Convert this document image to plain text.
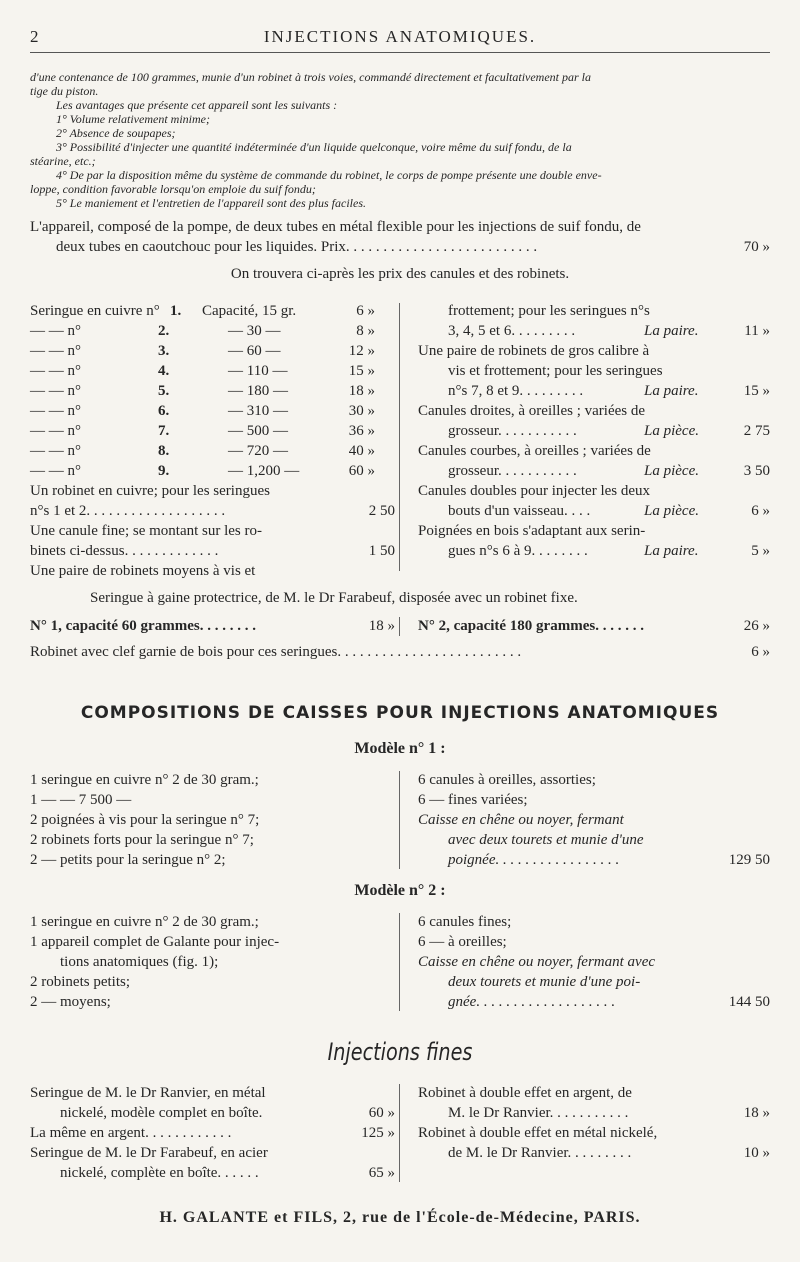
2	INJECTIONS ANATOMIQUES.

d'une contenance de 100 grammes, munie d'un robinet à trois voies, commandé directement et facultativement par la

tige du piston.

Les avantages que présente cet appareil sont les suivants :

1° Volume relativement minime;

2° Absence de soupapes;

3° Possibilité d'injecter une quantité indéterminée d'un liquide quelconque, voire même du suif fondu, de la

stéarine, etc.;

4° De par la disposition même du système de commande du robinet, le corps de pompe présente une double enve-

loppe, condition favorable lorsqu'on emploie du suif fondu;

5° Le maniement et l'entretien de l'appareil sont des plus faciles.

L'appareil, composé de la pompe, de deux tubes en métal flexible pour les injections de suif fondu, de

deux tubes en caoutchouc pour les liquides. Prix. . . . . . . . . . . . . . . . . . . . . . . . . .	70 »

On trouvera ci-après les prix des canules et des robinets.
Seringue en cuivre n° 1. Capacité, 15 gr.	6 »
— — n°	2.	— 30 —	8 »
— — n°	3.	— 60 —	12 »
— — n°	4.	— 110 —	15 »
— — n°	5.	— 180 —	18 »
— — n°	6.	— 310 —	30 »
— — n°	7.	— 500 —	36 »
— — n°	8.	— 720 —	40 »
— — n°	9.	— 1,200 —	60 »
Un robinet en cuivre; pour les seringues
n°s 1 et 2. . . . . . . . . . . . . . . . . . .	2 50
Une canule fine; se montant sur les ro-
binets ci-dessus. . . . . . . . . . . . .	1 50
Une paire de robinets moyens à vis et
frottement; pour les seringues n°s
3, 4, 5 et 6. . . . . . . . .	La paire.	11 »
Une paire de robinets de gros calibre à
vis et frottement; pour les seringues
n°s 7, 8 et 9. . . . . . . . .	La paire.	15 »
Canules droites, à oreilles ; variées de
grosseur. . . . . . . . . . .	La pièce.	2 75
Canules courbes, à oreilles ; variées de
grosseur. . . . . . . . . . .	La pièce.	3 50
Canules doubles pour injecter les deux
bouts d'un vaisseau. . . .	La pièce.	6 »
Poignées en bois s'adaptant aux serin-
gues n°s 6 à 9. . . . . . . .	La paire.	5 »
Seringue à gaine protectrice, de M. le Dr Farabeuf, disposée avec un robinet fixe.
N° 1, capacité 60 grammes. . . . . . . .	18 » N° 2, capacité 180 grammes. . . . . . .	26 »
Robinet avec clef garnie de bois pour ces seringues. . . . . . . . . . . . . . . . . . . . . . . . .	6 »
COMPOSITIONS DE CAISSES POUR INJECTIONS ANATOMIQUES
Modèle n° 1 :
1 seringue en cuivre n° 2 de 30 gram.;
1 — — 7 500 —
2 poignées à vis pour la seringue n° 7;
2 robinets forts pour la seringue n° 7;
2 — petits pour la seringue n° 2;
6 canules à oreilles, assorties;
6 — fines variées;
Caisse en chêne ou noyer, fermant
avec deux tourets et munie d'une
poignée. . . . . . . . . . . . . . . . .	129 50
Modèle n° 2 :
1 seringue en cuivre n° 2 de 30 gram.;
1 appareil complet de Galante pour injec-
tions anatomiques (fig. 1);
2 robinets petits;
2 — moyens;
6 canules fines;
6 — à oreilles;
Caisse en chêne ou noyer, fermant avec
deux tourets et munie d'une poi-
gnée. . . . . . . . . . . . . . . . . . .	144 50
Injections fines
Seringue de M. le Dr Ranvier, en métal
nickelé, modèle complet en boîte.	60 »
La même en argent. . . . . . . . . . . .	125 »
Seringue de M. le Dr Farabeuf, en acier
nickelé, complète en boîte. . . . . .	65 »
Robinet à double effet en argent, de
M. le Dr Ranvier. . . . . . . . . . .	18 »
Robinet à double effet en métal nickelé,
de M. le Dr Ranvier. . . . . . . . .	10 »
H. GALANTE et FILS, 2, rue de l'École-de-Médecine, PARIS.
